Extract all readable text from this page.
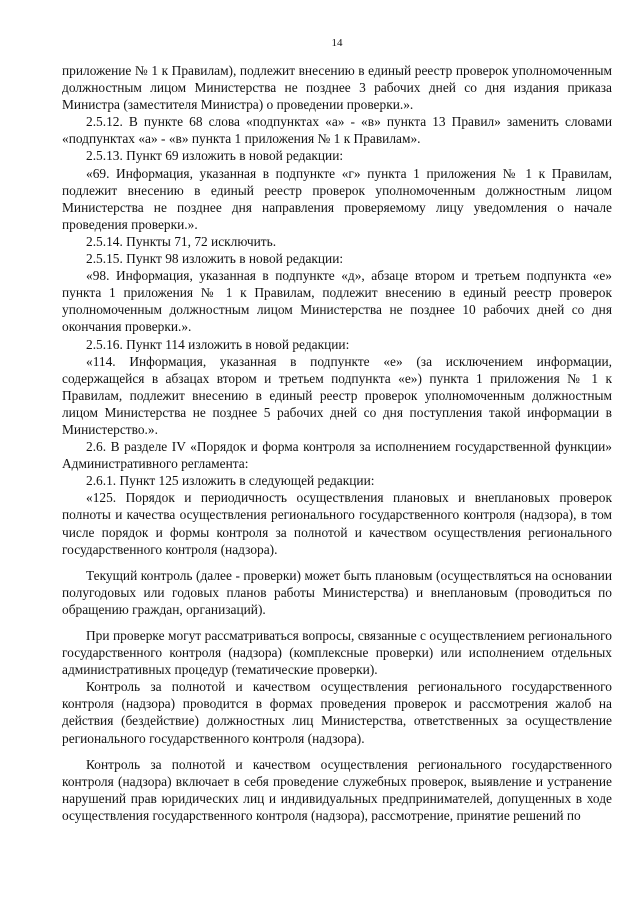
14

приложение № 1 к Правилам), подлежит внесению в единый реестр проверок уполномоченным должностным лицом Министерства не позднее 3 рабочих дней со дня издания приказа Министра (заместителя Министра) о проведении проверки.».

2.5.12. В пункте 68 слова «подпунктах «а» - «в» пункта 13 Правил» заменить словами «подпунктах «а» - «в» пункта 1 приложения № 1 к Правилам».

2.5.13. Пункт 69 изложить в новой редакции:

«69. Информация, указанная в подпункте «г» пункта 1 приложения № 1 к Правилам, подлежит внесению в единый реестр проверок уполномоченным должностным лицом Министерства не позднее дня направления проверяемому лицу уведомления о начале проведения проверки.».

2.5.14. Пункты 71, 72 исключить.

2.5.15. Пункт 98 изложить в новой редакции:

«98. Информация, указанная в подпункте «д», абзаце втором и третьем подпункта «е» пункта 1 приложения № 1 к Правилам, подлежит внесению в единый реестр проверок уполномоченным должностным лицом Министерства не позднее 10 рабочих дней со дня окончания проверки.».

2.5.16. Пункт 114 изложить в новой редакции:

«114. Информация, указанная в подпункте «е» (за исключением информации, содержащейся в абзацах втором и третьем подпункта «е») пункта 1 приложения № 1 к Правилам, подлежит внесению в единый реестр проверок уполномоченным должностным лицом Министерства не позднее 5 рабочих дней со дня поступления такой информации в Министерство.».

2.6. В разделе IV «Порядок и форма контроля за исполнением государственной функции» Административного регламента:

2.6.1. Пункт 125 изложить в следующей редакции:

«125. Порядок и периодичность осуществления плановых и внеплановых проверок полноты и качества осуществления регионального государственного контроля (надзора), в том числе порядок и формы контроля за полнотой и качеством осуществления регионального государственного контроля (надзора).

Текущий контроль (далее - проверки) может быть плановым (осуществляться на основании полугодовых или годовых планов работы Министерства) и внеплановым (проводиться по обращению граждан, организаций).

При проверке могут рассматриваться вопросы, связанные с осуществлением регионального государственного контроля (надзора) (комплексные проверки) или исполнением отдельных административных процедур (тематические проверки).

Контроль за полнотой и качеством осуществления регионального государственного контроля (надзора) проводится в формах проведения проверок и рассмотрения жалоб на действия (бездействие) должностных лиц Министерства, ответственных за осуществление регионального государственного контроля (надзора).

Контроль за полнотой и качеством осуществления регионального государственного контроля (надзора) включает в себя проведение служебных проверок, выявление и устранение нарушений прав юридических лиц и индивидуальных предпринимателей, допущенных в ходе осуществления государственного контроля (надзора), рассмотрение, принятие решений по
